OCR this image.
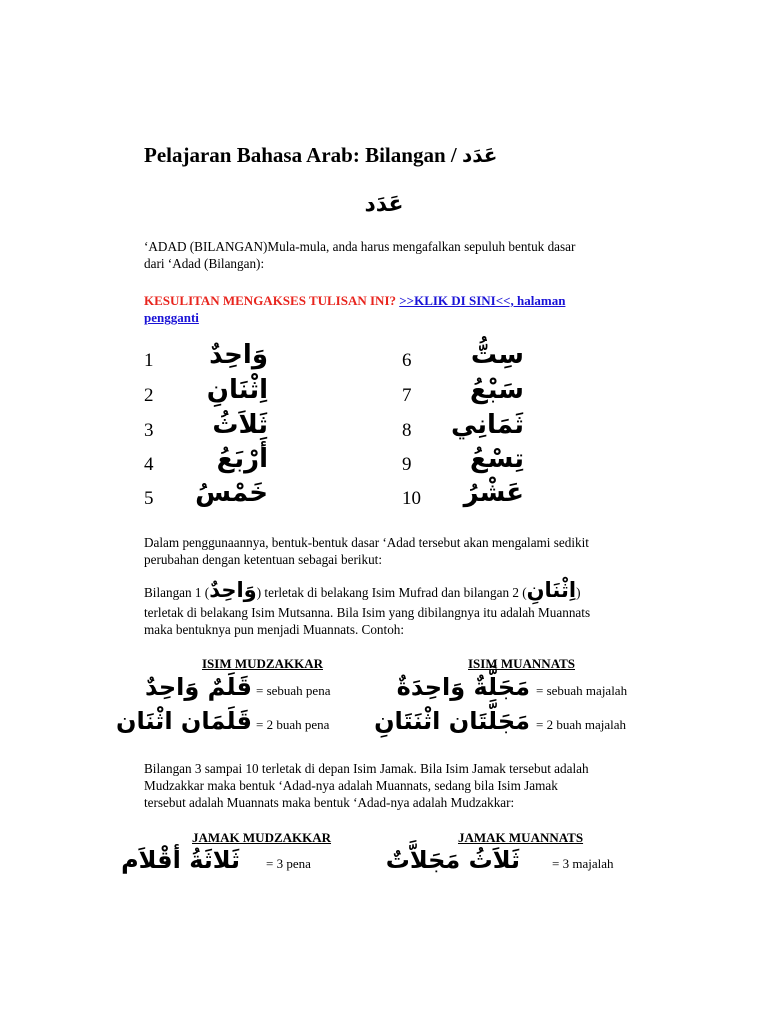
Pelajaran Bahasa Arab: Bilangan / عَدَد
عَدَد
‘ADAD (BILANGAN)Mula-mula, anda harus mengafalkan sepuluh bentuk dasar
dari ‘Adad (Bilangan):
KESULITAN MENGAKSES TULISAN INI? >>KLIK DI SINI<<, halaman
pengganti
1	وَاحِدٌ
2	اِثْنَانِ
3	ثَلاَثُ
4	أَرْبَعُ
5 خَمْسُ
6	سِتُّ
7	سَبْعُ
8 ثَمَانِي
9	تِسْعُ
10 عَشْرُ
Dalam penggunaannya, bentuk-bentuk dasar ‘Adad tersebut akan mengalami sedikit
perubahan dengan ketentuan sebagai berikut:
Bilangan 1 (وَاحِدٌ) terletak di belakang Isim Mufrad dan bilangan 2 (اِثْنَانِ)
terletak di belakang Isim Mutsanna. Bila Isim yang dibilangnya itu adalah Muannats
maka bentuknya pun menjadi Muannats. Contoh:
ISIM MUDZAKKAR	ISIM MUANNATS
قَلَمٌ وَاحِدٌ = sebuah pena	مَجَلَّةٌ وَاحِدَةٌ = sebuah majalah
قَلَمَان اثْنَان = 2 buah pena مَجَلَّتَان اثْنَتَانِ = 2 buah majalah
Bilangan 3 sampai 10 terletak di depan Isim Jamak. Bila Isim Jamak tersebut adalah
Mudzakkar maka bentuk ‘Adad-nya adalah Muannats, sedang bila Isim Jamak
tersebut adalah Muannats maka bentuk ‘Adad-nya adalah Mudzakkar:
JAMAK MUDZAKKAR	JAMAK MUANNATS
ثَلاثَةُ أقْلاَم = 3 pena	ثَلاَثُ مَجَلاَّتٌ = 3 majalah
